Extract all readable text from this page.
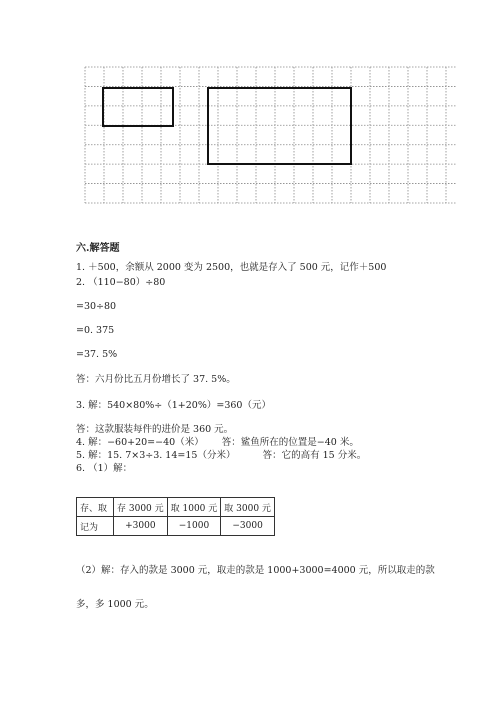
六.解答题
1. ＋500，余额从 2000 变为 2500，也就是存入了 500 元，记作＋500
2. （110−80）÷80
=30÷80
=0. 375
=37. 5%
答：六月份比五月份增长了 37. 5%。
3. 解：540×80%÷（1+20%）=360（元）
答：这款服装每件的进价是 360 元。
4. 解：−60+20=−40（米）      答：鲨鱼所在的位置是−40 米。
5. 解：15. 7×3÷3. 14=15（分米）         答：它的高有 15 分米。
6. （1）解：
存、取	存 3000 元	取 1000 元	取 3000 元
记为	+3000	−1000	−3000
（2）解：存入的款是 3000 元，取走的款是 1000+3000=4000 元，所以取走的款
多，多 1000 元。
